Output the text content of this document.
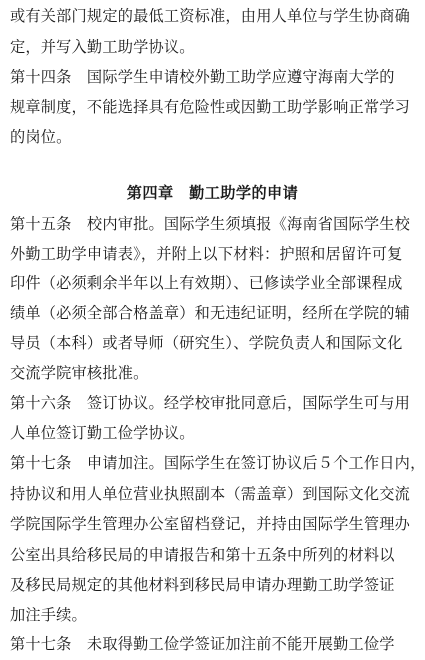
或有关部门规定的最低工资标准，由用人单位与学生协商确
定，并写入勤工助学协议。
第十四条　国际学生申请校外勤工助学应遵守海南大学的
规章制度，不能选择具有危险性或因勤工助学影响正常学习
的岗位。
第四章　勤工助学的申请
第十五条　校内审批。国际学生须填报《海南省国际学生校
外勤工助学申请表》，并附上以下材料：护照和居留许可复
印件（必须剩余半年以上有效期）、已修读学业全部课程成
绩单（必须全部合格盖章）和无违纪证明，经所在学院的辅
导员（本科）或者导师（研究生）、学院负责人和国际文化
交流学院审核批准。
第十六条　签订协议。经学校审批同意后，国际学生可与用
人单位签订勤工俭学协议。
第十七条　申请加注。国际学生在签订协议后５个工作日内，
持协议和用人单位营业执照副本（需盖章）到国际文化交流
学院国际学生管理办公室留档登记，并持由国际学生管理办
公室出具给移民局的申请报告和第十五条中所列的材料以
及移民局规定的其他材料到移民局申请办理勤工助学签证
加注手续。
第十七条　未取得勤工俭学签证加注前不能开展勤工俭学
